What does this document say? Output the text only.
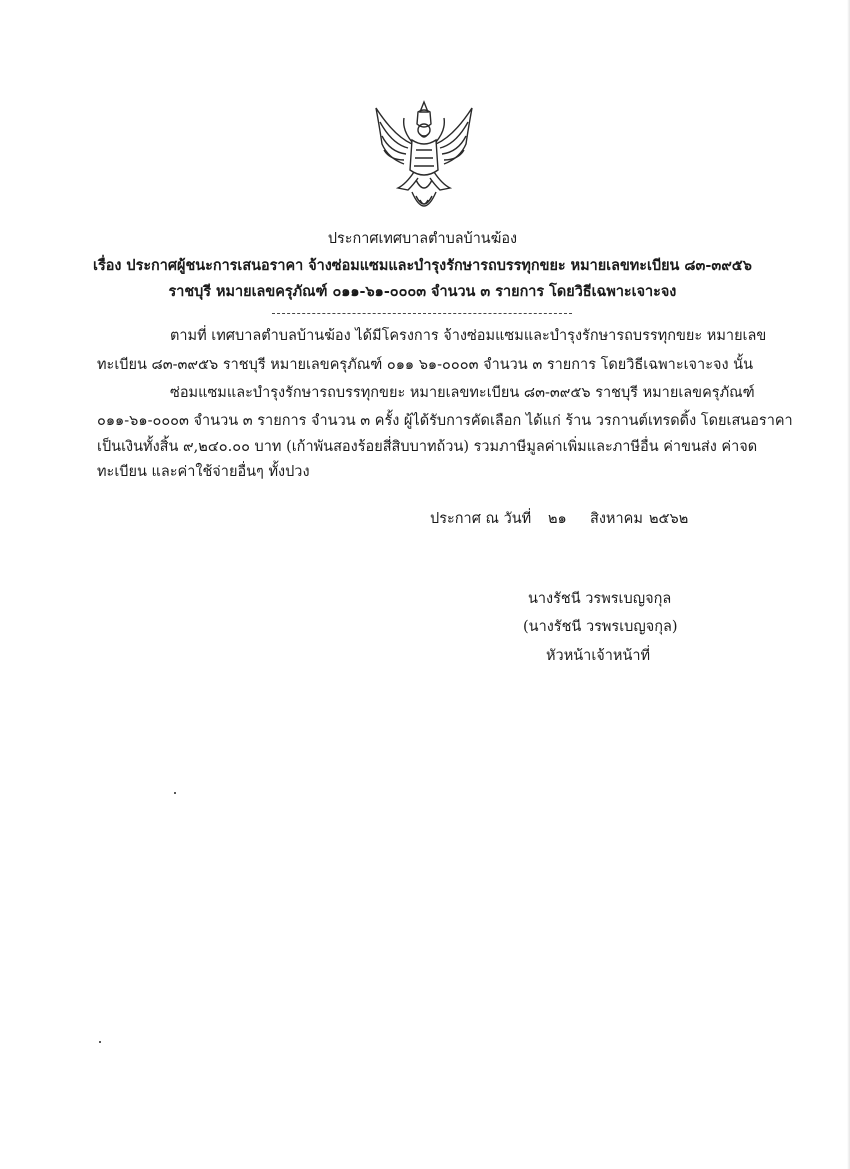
ประกาศเทศบาลตำบลบ้านฆ้อง
เรื่อง ประกาศผู้ชนะการเสนอราคา จ้างซ่อมแซมและบำรุงรักษารถบรรทุกขยะ หมายเลขทะเบียน ๘๓-๓๙๕๖
ราชบุรี หมายเลขครุภัณฑ์ ๐๑๑-๖๑-๐๐๐๓ จำนวน ๓ รายการ โดยวิธีเฉพาะเจาะจง
ตามที่ เทศบาลตำบลบ้านฆ้อง ได้มีโครงการ จ้างซ่อมแซมและบำรุงรักษารถบรรทุกขยะ หมายเลข
ทะเบียน ๘๓-๓๙๕๖ ราชบุรี หมายเลขครุภัณฑ์ ๐๑๑ ๖๑-๐๐๐๓ จำนวน ๓ รายการ โดยวิธีเฉพาะเจาะจง นั้น
ซ่อมแซมและบำรุงรักษารถบรรทุกขยะ หมายเลขทะเบียน ๘๓-๓๙๕๖ ราชบุรี หมายเลขครุภัณฑ์
๐๑๑-๖๑-๐๐๐๓ จำนวน ๓ รายการ จำนวน ๓ ครั้ง ผู้ได้รับการคัดเลือก ได้แก่ ร้าน วรกานต์เทรดดิ้ง โดยเสนอราคา
เป็นเงินทั้งสิ้น ๙,๒๔๐.๐๐ บาท (เก้าพันสองร้อยสี่สิบบาทถ้วน) รวมภาษีมูลค่าเพิ่มและภาษีอื่น ค่าขนส่ง ค่าจด
ทะเบียน และค่าใช้จ่ายอื่นๆ ทั้งปวง
ประกาศ ณ วันที่ ๒๑ สิงหาคม ๒๕๖๒
นางรัชนี วรพรเบญจกุล
(นางรัชนี วรพรเบญจกุล)
หัวหน้าเจ้าหน้าที่
